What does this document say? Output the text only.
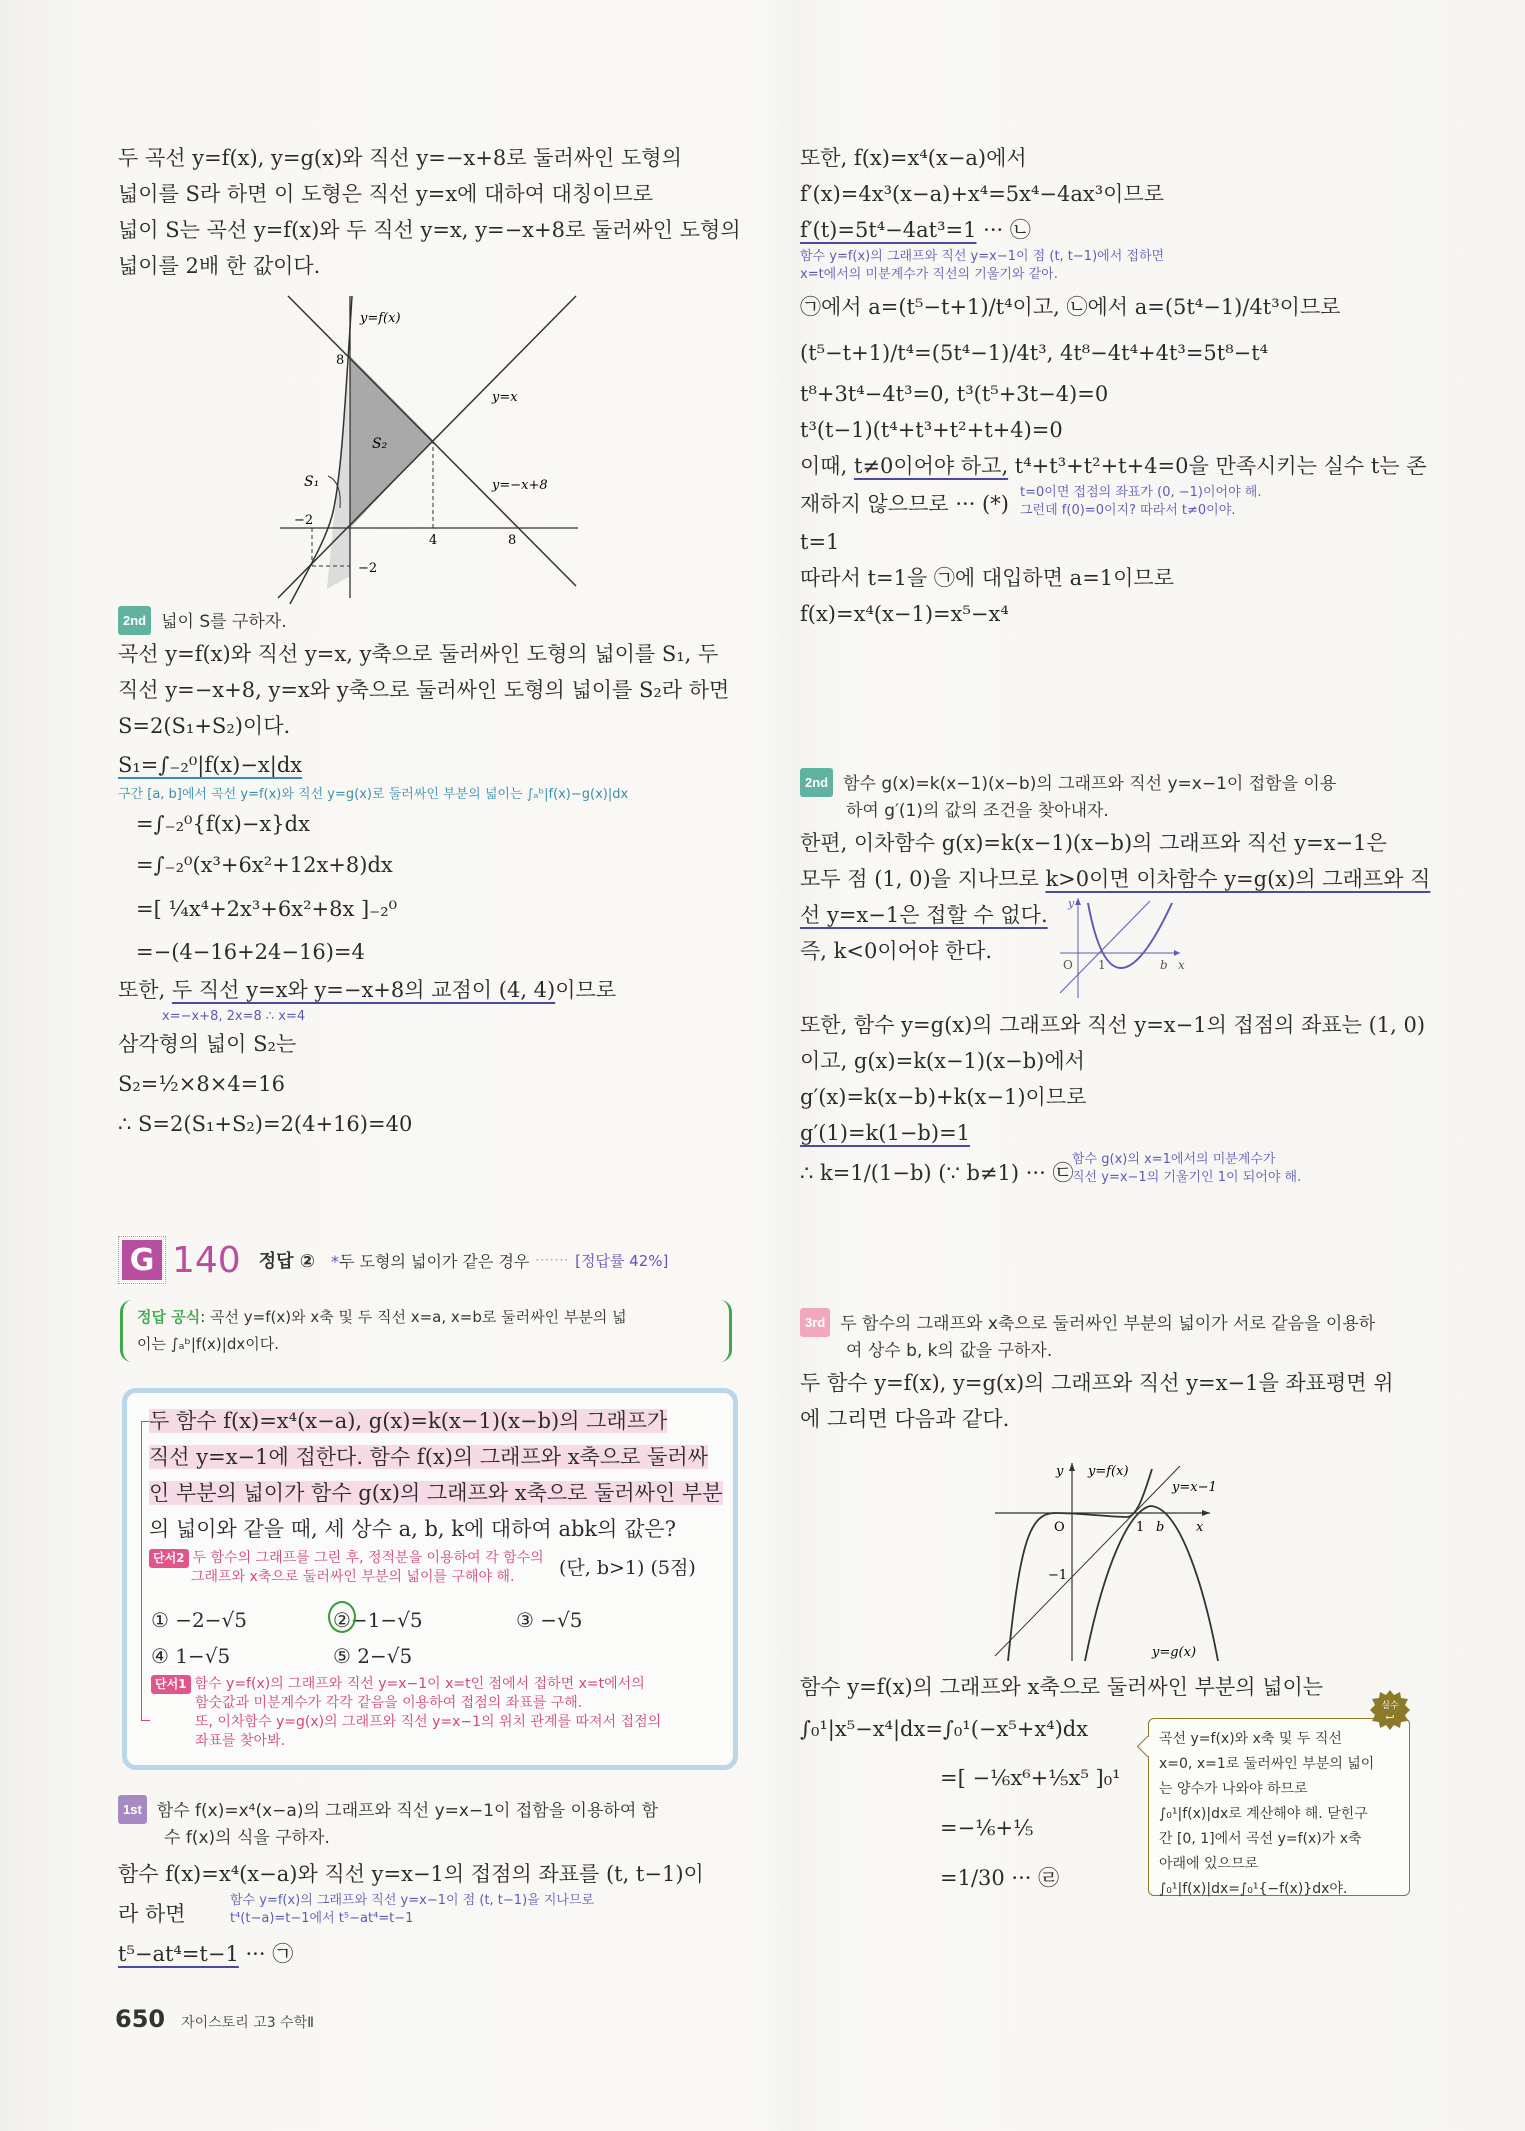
두 곡선 y=f(x), y=g(x)와 직선 y=−x+8로 둘러싸인 도형의
넓이를 S라 하면 이 도형은 직선 y=x에 대하여 대칭이므로
넓이 S는 곡선 y=f(x)와 두 직선 y=x, y=−x+8로 둘러싸인 도형의
넓이를 2배 한 값이다.
y=f(x)
8
y=x
y=−x+8
S₂
S₁
−2
−2
4	8
2nd 넓이 S를 구하자.
곡선 y=f(x)와 직선 y=x, y축으로 둘러싸인 도형의 넓이를 S₁, 두
직선 y=−x+8, y=x와 y축으로 둘러싸인 도형의 넓이를 S₂라 하면
S=2(S₁+S₂)이다.
S₁=∫₋₂⁰|f(x)−x|dx
구간 [a, b]에서 곡선 y=f(x)와 직선 y=g(x)로 둘러싸인 부분의 넓이는 ∫ₐᵇ|f(x)−g(x)|dx
=∫₋₂⁰{f(x)−x}dx
=∫₋₂⁰(x³+6x²+12x+8)dx
=[ ¼x⁴+2x³+6x²+8x ]₋₂⁰
=−(4−16+24−16)=4
또한, 두 직선 y=x와 y=−x+8의 교점이 (4, 4)이므로
x=−x+8, 2x=8 ∴ x=4
삼각형의 넓이 S₂는
S₂=½×8×4=16
∴ S=2(S₁+S₂)=2(4+16)=40
G 140 정답 ② *두 도형의 넓이가 같은 경우 ······· [정답률 42%]
정답 공식: 곡선 y=f(x)와 x축 및 두 직선 x=a, x=b로 둘러싸인 부분의 넓
이는 ∫ₐᵇ|f(x)|dx이다.
두 함수 f(x)=x⁴(x−a), g(x)=k(x−1)(x−b)의 그래프가
직선 y=x−1에 접한다. 함수 f(x)의 그래프와 x축으로 둘러싸
인 부분의 넓이가 함수 g(x)의 그래프와 x축으로 둘러싸인 부분
의 넓이와 같을 때, 세 상수 a, b, k에 대하여 abk의 값은?
단서2 두 함수의 그래프를 그린 후, 정적분을 이용하여 각 함수의
그래프와 x축으로 둘러싸인 부분의 넓이를 구해야 해.	(단, b>1) (5점)
① −2−√5	②−1−√5	③ −√5
④ 1−√5	⑤ 2−√5
단서1 함수 y=f(x)의 그래프와 직선 y=x−1이 x=t인 점에서 접하면 x=t에서의
함숫값과 미분계수가 각각 같음을 이용하여 접점의 좌표를 구해.
또, 이차함수 y=g(x)의 그래프와 직선 y=x−1의 위치 관계를 따져서 접점의
좌표를 찾아봐.
1st 함수 f(x)=x⁴(x−a)의 그래프와 직선 y=x−1이 접함을 이용하여 함
수 f(x)의 식을 구하자.
함수 f(x)=x⁴(x−a)와 직선 y=x−1의 접점의 좌표를 (t, t−1)이
라 하면
함수 y=f(x)의 그래프와 직선 y=x−1이 점 (t, t−1)을 지나므로
t⁴(t−a)=t−1에서 t⁵−at⁴=t−1
t⁵−at⁴=t−1 ··· ㉠
또한, f(x)=x⁴(x−a)에서
f′(x)=4x³(x−a)+x⁴=5x⁴−4ax³이므로
f′(t)=5t⁴−4at³=1 ··· ㉡
함수 y=f(x)의 그래프와 직선 y=x−1이 점 (t, t−1)에서 접하면
x=t에서의 미분계수가 직선의 기울기와 같아.
㉠에서 a=(t⁵−t+1)/t⁴이고, ㉡에서 a=(5t⁴−1)/4t³이므로
(t⁵−t+1)/t⁴=(5t⁴−1)/4t³, 4t⁸−4t⁴+4t³=5t⁸−t⁴
t⁸+3t⁴−4t³=0, t³(t⁵+3t−4)=0
t³(t−1)(t⁴+t³+t²+t+4)=0
이때, t≠0이어야 하고, t⁴+t³+t²+t+4=0을 만족시키는 실수 t는 존
재하지 않으므로 ··· (*) t=0이면 접점의 좌표가 (0, −1)이어야 해.
그런데 f(0)=0이지? 따라서 t≠0이야.
t=1
따라서 t=1을 ㉠에 대입하면 a=1이므로
f(x)=x⁴(x−1)=x⁵−x⁴
2nd 함수 g(x)=k(x−1)(x−b)의 그래프와 직선 y=x−1이 접함을 이용
하여 g′(1)의 값의 조건을 찾아내자.
한편, 이차함수 g(x)=k(x−1)(x−b)의 그래프와 직선 y=x−1은
모두 점 (1, 0)을 지나므로 k>0이면 이차함수 y=g(x)의 그래프와 직
선 y=x−1은 접할 수 없다.
즉, k<0이어야 한다.
y
O 1	b x
또한, 함수 y=g(x)의 그래프와 직선 y=x−1의 접점의 좌표는 (1, 0)
이고, g(x)=k(x−1)(x−b)에서
g′(x)=k(x−b)+k(x−1)이므로
g′(1)=k(1−b)=1
∴ k=1/(1−b) (∵ b≠1) ··· ㉢
함수 g(x)의 x=1에서의 미분계수가
직선 y=x−1의 기울기인 1이 되어야 해.
3rd 두 함수의 그래프와 x축으로 둘러싸인 부분의 넓이가 서로 같음을 이용하
여 상수 b, k의 값을 구하자.
두 함수 y=f(x), y=g(x)의 그래프와 직선 y=x−1을 좌표평면 위
에 그리면 다음과 같다.
y y=f(x)
y=x−1
O	1 b x
−1
y=g(x)
함수 y=f(x)의 그래프와 x축으로 둘러싸인 부분의 넓이는
∫₀¹|x⁵−x⁴|dx=∫₀¹(−x⁵+x⁴)dx
=[ −⅙x⁶+⅕x⁵ ]₀¹
=−⅙+⅕
=1/30 ··· ㉣
곡선 y=f(x)와 x축 및 두 직선
x=0, x=1로 둘러싸인 부분의 넓이
는 양수가 나와야 하므로
∫₀¹|f(x)|dx로 계산해야 해. 닫힌구
간 [0, 1]에서 곡선 y=f(x)가 x축
아래에 있으므로
∫₀¹|f(x)|dx=∫₀¹{−f(x)}dx야.
실수
↩
650 자이스토리 고3 수학Ⅱ
